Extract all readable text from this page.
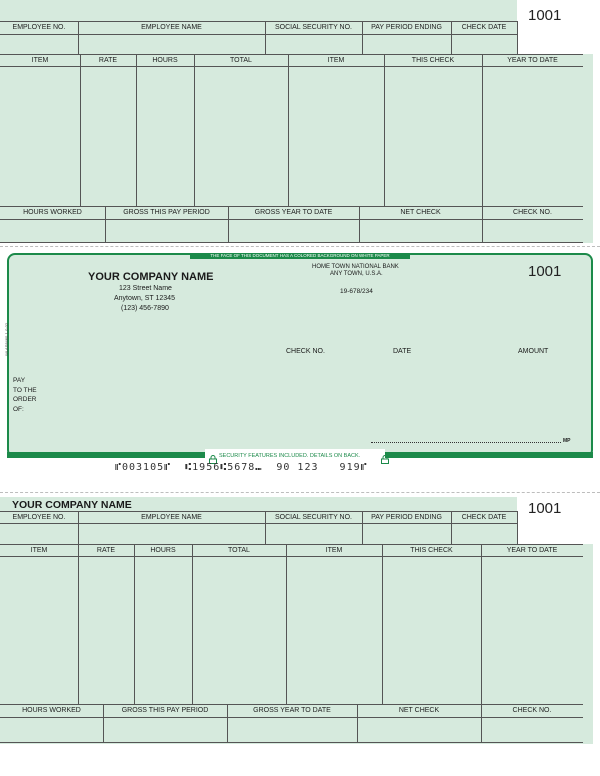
1001
EMPLOYEE NO.	EMPLOYEE NAME	SOCIAL SECURITY NO.	PAY PERIOD ENDING	CHECK DATE
ITEM	RATE	HOURS	TOTAL	ITEM	THIS CHECK	YEAR TO DATE
HOURS WORKED	GROSS THIS PAY PERIOD	GROSS YEAR TO DATE	NET CHECK	CHECK NO.
THE FACE OF THIS DOCUMENT HAS A COLORED BACKGROUND ON WHITE PAPER
YOUR COMPANY NAME
123 Street Name
Anytown, ST 12345
(123) 456-7890
HOME TOWN NATIONAL BANK
ANY TOWN, U.S.A.
19-678/234
1001
WLAS8460-1-0-02	CHECK NO.	DATE	AMOUNT
PAY
TO THE
ORDER
OF:
MP
SECURITY FEATURES INCLUDED. DETAILS ON BACK.
⑈003105⑈  ⑆1956⑆5678⑉  90 123   919⑈
YOUR COMPANY NAME	1001
EMPLOYEE NO.	EMPLOYEE NAME	SOCIAL SECURITY NO.	PAY PERIOD ENDING	CHECK DATE
ITEM	RATE	HOURS	TOTAL	ITEM	THIS CHECK	YEAR TO DATE
HOURS WORKED	GROSS THIS PAY PERIOD	GROSS YEAR TO DATE	NET CHECK	CHECK NO.
